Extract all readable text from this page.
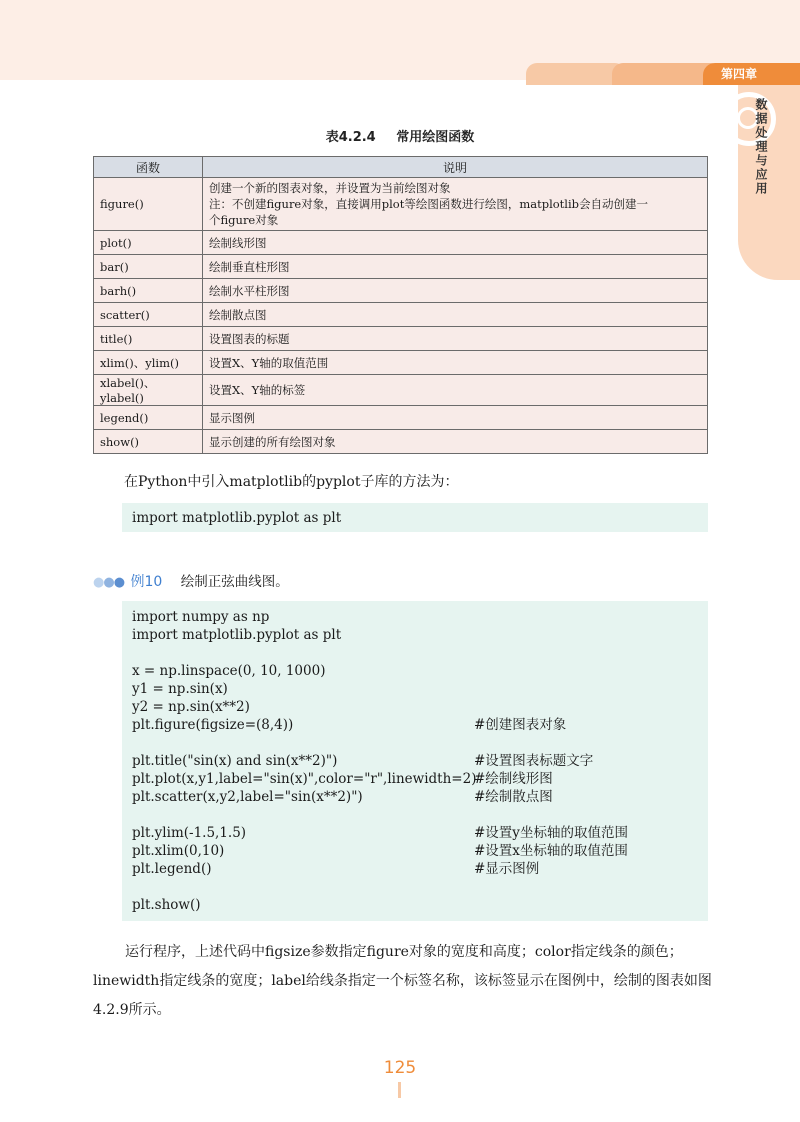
第四章
数据处理与应用
表4.2.4 常用绘图函数
函数	说明
figure()	创建一个新的图表对象，并设置为当前绘图对象
注：不创建figure对象，直接调用plot等绘图函数进行绘图，matplotlib会自动创建一
个figure对象

plot()	绘制线形图
bar()	绘制垂直柱形图
barh()	绘制水平柱形图
scatter()	绘制散点图
title()	设置图表的标题
xlim()、ylim()	设置X、Y轴的取值范围
xlabel()、ylabel()	设置X、Y轴的标签
legend()	显示图例
show()	显示创建的所有绘图对象
在Python中引入matplotlib的pyplot子库的方法为：
import matplotlib.pyplot as plt
●●● 例10 绘制正弦曲线图。
import numpy as np
import matplotlib.pyplot as plt
x = np.linspace(0, 10, 1000)
y1 = np.sin(x)
y2 = np.sin(x**2)
plt.figure(figsize=(8,4))	#创建图表对象
plt.title("sin(x) and sin(x**2)")	#设置图表标题文字
plt.plot(x,y1,label="sin(x)",color="r",linewidth=2)
#绘制线形图
plt.scatter(x,y2,label="sin(x**2)")	#绘制散点图
plt.ylim(-1.5,1.5)	#设置y坐标轴的取值范围
plt.xlim(0,10)	#设置x坐标轴的取值范围
plt.legend()	#显示图例
plt.show()
运行程序，上述代码中figsize参数指定figure对象的宽度和高度；color指定线条的颜色；linewidth指定线条的宽度；label给线条指定一个标签名称，该标签显示在图例中，绘制的图表如图4.2.9所示。
125
